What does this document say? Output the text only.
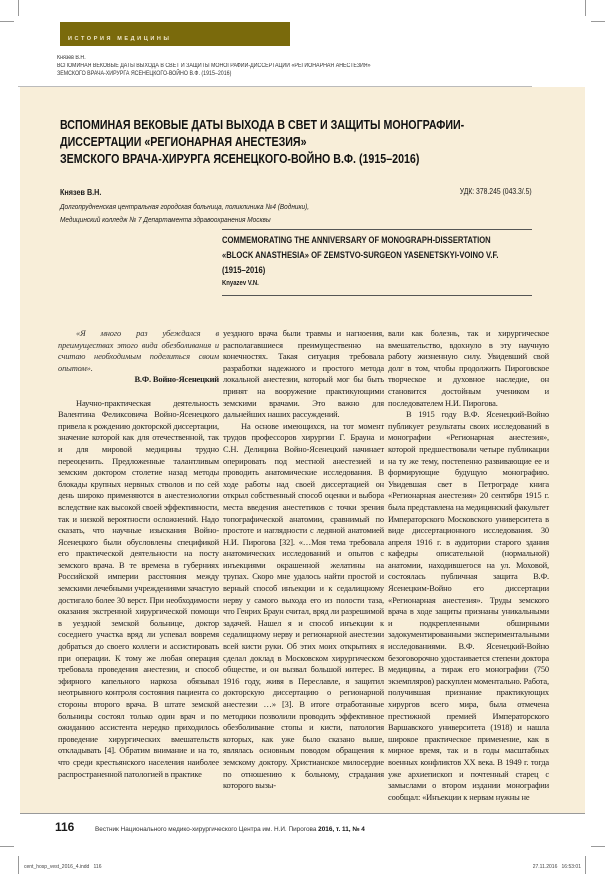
ИСТОРИЯ МЕДИЦИНЫ
Князев В.Н.
ВСПОМИНАЯ ВЕКОВЫЕ ДАТЫ ВЫХОДА В СВЕТ И ЗАЩИТЫ МОНОГРАФИИ-ДИССЕРТАЦИИ «РЕГИОНАРНАЯ АНЕСТЕЗИЯ»
ЗЕМСКОГО ВРАЧА-ХИРУРГА ЯСЕНЕЦКОГО-ВОЙНО В.Ф. (1915–2016)
ВСПОМИНАЯ ВЕКОВЫЕ ДАТЫ ВЫХОДА В СВЕТ И ЗАЩИТЫ МОНОГРАФИИ-
ДИССЕРТАЦИИ «РЕГИОНАРНАЯ АНЕСТЕЗИЯ»
ЗЕМСКОГО ВРАЧА-ХИРУРГА ЯСЕНЕЦКОГО-ВОЙНО В.Ф. (1915–2016)
Князев В.Н.	УДК: 378.245 (043.3/.5)
Долгопрудненская центральная городская больница, поликлиника №4 (Водники),
Медицинский колледж № 7 Департамента здравоохранения Москвы
COMMEMORATING THE ANNIVERSARY OF MONOGRAPH-DISSERTATION
«BLOCK ANASTHESIA» OF ZEMSTVO-SURGEON YASENETSKYI-VOINO V.F.
(1915–2016)
Knyazev V.N.

«Я много раз убеждался в преимуществах этого вида обезболивания и считаю необходимым поделиться своим опытом».

В.Ф. Войно-Ясенецкий

Научно-практическая деятельность Валентина Феликсовича Войно-Ясенецкого привела к рождению докторской диссертации, значение которой как для отечественной, так и для мировой медицины трудно переоценить. Предложенные талантливым земским доктором столетие назад методы блокады крупных нервных стволов и по сей день широко применяются в анестезиологии вследствие как высокой своей эффективности, так и низкой вероятности осложнений. Надо сказать, что научные изыскания Войно-Ясенецкого были обусловлены спецификой его практической деятельности на посту земского врача. В те времена в губерниях Российской империи расстояния между земскими лечебными учреждениями зачастую достигало более 30 верст. При необходимости оказания экстренной хирургической помощи в уездной земской больнице, доктор соседнего участка вряд ли успевал вовремя добраться до своего коллеги и ассистировать при операции. К тому же любая операция требовала проведения анестезии, и способ эфирного капельного наркоза обязывал неотрывного контроля состояния пациента со стороны второго врача. В штате земской больницы состоял только один врач и по ожиданию ассистента нередко приходилось проведение хирургических вмешательств откладывать [4]. Обратим внимание и на то, что среди крестьянского населения наиболее распространенной патологией в практике

уездного врача были травмы и нагноения, располагавшиеся преимущественно на конечностях. Такая ситуация требовала разработки надежного и простого метода локальной анестезии, который мог бы быть принят на вооружение практикующими земскими врачами. Это важно для дальнейших наших рассуждений.

На основе имеющихся, на тот момент трудов профессоров хирургии Г. Брауна и С.Н. Делицина Войно-Ясенецкий начинает оперировать под местной анестезией и проводить анатомические исследования. В ходе работы над своей диссертацией он открыл собственный способ оценки и выбора места введения анестетиков с точки зрения топографической анатомии, сравнимый по простоте и наглядности с ледяной анатомией Н.И. Пирогова [32]. «…Моя тема требовала анатомических исследований и опытов с инъекциями окрашенной желатины на трупах. Скоро мне удалось найти простой и верный способ инъекции и к седалищному нерву у самого выхода его из полости таза, что Генрих Браун считал, вряд ли разрешимой задачей. Нашел я и способ инъекции к седалищному нерву и регионарной анестезии всей кисти руки. Об этих моих открытиях я сделал доклад в Московском хирургическом обществе, и он вызвал большой интерес. В 1916 году, живя в Переславле, я защитил докторскую диссертацию о регионарной анестезии …» [3]. В итоге отработанные методики позволили проводить эффективное обезболивание стопы и кисти, патология которых, как уже было сказано выше, являлась основным поводом обращения к земскому доктору. Христианское милосердие по отношению к больному, страдания которого вызы-

вали как болезнь, так и хирургическое вмешательство, вдохнуло в эту научную работу жизненную силу. Увидевший свой долг в том, чтобы продолжить Пироговское творческое и духовное наследие, он становится достойным учеником и последователем Н.И. Пирогова.

В 1915 году В.Ф. Ясенецкий-Войно публикует результаты своих исследований в монографии «Регионарная анестезия», которой предшествовали четыре публикации на ту же тему, постепенно развивающие ее и формирующие будущую монографию. Увидевшая свет в Петрограде книга «Регионарная анестезия» 20 сентября 1915 г. была представлена на медицинский факультет Императорского Московского университета в виде диссертационного исследования. 30 апреля 1916 г. в аудитории старого здания кафедры описательной (нормальной) анатомии, находившегося на ул. Моховой, состоялась публичная защита В.Ф. Ясенецким-Войно его диссертации «Регионарная анестезия». Труды земского врача в ходе защиты признаны уникальными и подкрепленными обширными задокументированными экспериментальными исследованиями. В.Ф. Ясенецкий-Войно безоговорочно удостаивается степени доктора медицины, а тираж его монографии (750 экземпляров) раскуплен моментально. Работа, получившая признание практикующих хирургов всего мира, была отмечена престижной премией Императорского Варшавского университета (1918) и нашла широкое практическое применение, как в мирное время, так и в годы масштабных военных конфликтов XX века. В 1949 г. тогда уже архиепископ и почтенный старец с замыслами о втором издании монографии сообщал: «Инъекции к нервам нужны не

116	Вестник Национального медико-хирургического Центра им. Н.И. Пирогова 2016, т. 11, № 4
cent_hosp_vest_2016_4.indd   116	27.11.2016   16:53:01
